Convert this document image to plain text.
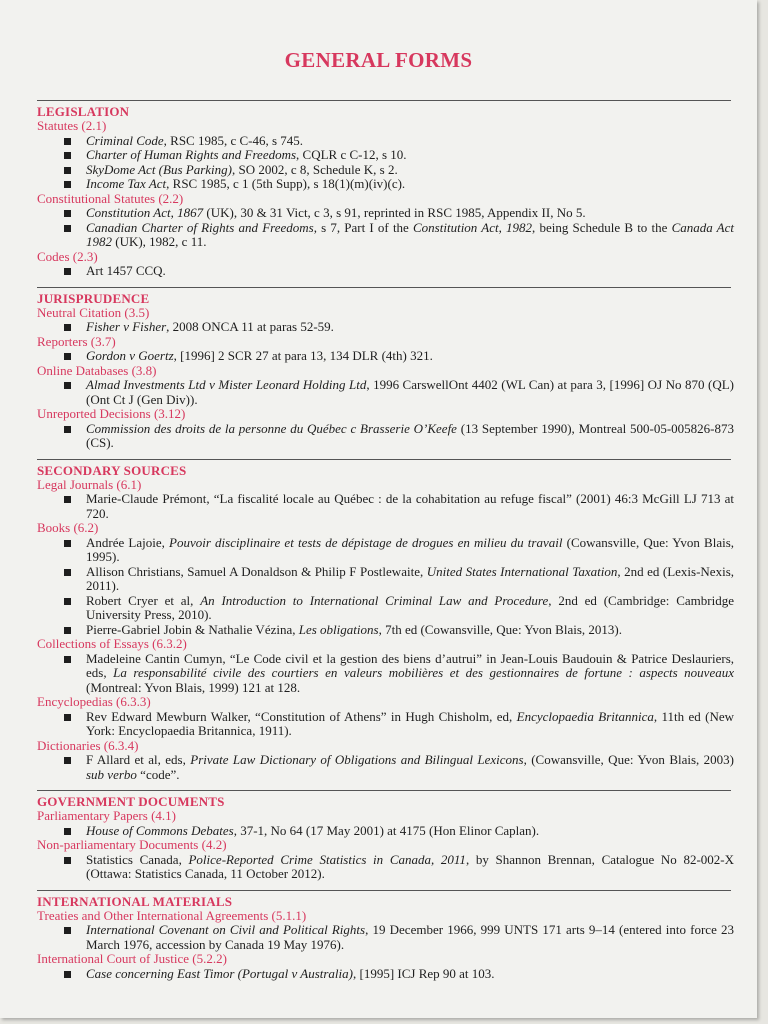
GENERAL FORMS
LEGISLATION
Statutes (2.1)
Criminal Code, RSC 1985, c C-46, s 745.
Charter of Human Rights and Freedoms, CQLR c C-12, s 10.
SkyDome Act (Bus Parking), SO 2002, c 8, Schedule K, s 2.
Income Tax Act, RSC 1985, c 1 (5th Supp), s 18(1)(m)(iv)(c).
Constitutional Statutes (2.2)
Constitution Act, 1867 (UK), 30 & 31 Vict, c 3, s 91, reprinted in RSC 1985, Appendix II, No 5.
Canadian Charter of Rights and Freedoms, s 7, Part I of the Constitution Act, 1982, being Schedule B to the Canada Act 1982 (UK), 1982, c 11.
Codes (2.3)
Art 1457 CCQ.
JURISPRUDENCE
Neutral Citation (3.5)
Fisher v Fisher, 2008 ONCA 11 at paras 52-59.
Reporters (3.7)
Gordon v Goertz, [1996] 2 SCR 27 at para 13, 134 DLR (4th) 321.
Online Databases (3.8)
Almad Investments Ltd v Mister Leonard Holding Ltd, 1996 CarswellOnt 4402 (WL Can) at para 3, [1996] OJ No 870 (QL) (Ont Ct J (Gen Div)).
Unreported Decisions (3.12)
Commission des droits de la personne du Québec c Brasserie O’Keefe (13 September 1990), Montreal 500-05-005826-873 (CS).
SECONDARY SOURCES
Legal Journals (6.1)
Marie-Claude Prémont, “La fiscalité locale au Québec : de la cohabitation au refuge fiscal” (2001) 46:3 McGill LJ 713 at 720.
Books (6.2)
Andrée Lajoie, Pouvoir disciplinaire et tests de dépistage de drogues en milieu du travail (Cowansville, Que: Yvon Blais, 1995).
Allison Christians, Samuel A Donaldson & Philip F Postlewaite, United States International Taxation, 2nd ed (Lexis-Nexis, 2011).
Robert Cryer et al, An Introduction to International Criminal Law and Procedure, 2nd ed (Cambridge: Cambridge University Press, 2010).
Pierre-Gabriel Jobin & Nathalie Vézina, Les obligations, 7th ed (Cowansville, Que: Yvon Blais, 2013).
Collections of Essays (6.3.2)
Madeleine Cantin Cumyn, “Le Code civil et la gestion des biens d’autrui” in Jean-Louis Baudouin & Patrice Deslauriers, eds, La responsabilité civile des courtiers en valeurs mobilières et des gestionnaires de fortune : aspects nouveaux (Montreal: Yvon Blais, 1999) 121 at 128.
Encyclopedias (6.3.3)
Rev Edward Mewburn Walker, “Constitution of Athens” in Hugh Chisholm, ed, Encyclopaedia Britannica, 11th ed (New York: Encyclopaedia Britannica, 1911).
Dictionaries (6.3.4)
F Allard et al, eds, Private Law Dictionary of Obligations and Bilingual Lexicons, (Cowansville, Que: Yvon Blais, 2003) sub verbo “code”.
GOVERNMENT DOCUMENTS
Parliamentary Papers (4.1)
House of Commons Debates, 37-1, No 64 (17 May 2001) at 4175 (Hon Elinor Caplan).
Non-parliamentary Documents (4.2)
Statistics Canada, Police-Reported Crime Statistics in Canada, 2011, by Shannon Brennan, Catalogue No 82-002-X (Ottawa: Statistics Canada, 11 October 2012).
INTERNATIONAL MATERIALS
Treaties and Other International Agreements (5.1.1)
International Covenant on Civil and Political Rights, 19 December 1966, 999 UNTS 171 arts 9–14 (entered into force 23 March 1976, accession by Canada 19 May 1976).
International Court of Justice (5.2.2)
Case concerning East Timor (Portugal v Australia), [1995] ICJ Rep 90 at 103.
